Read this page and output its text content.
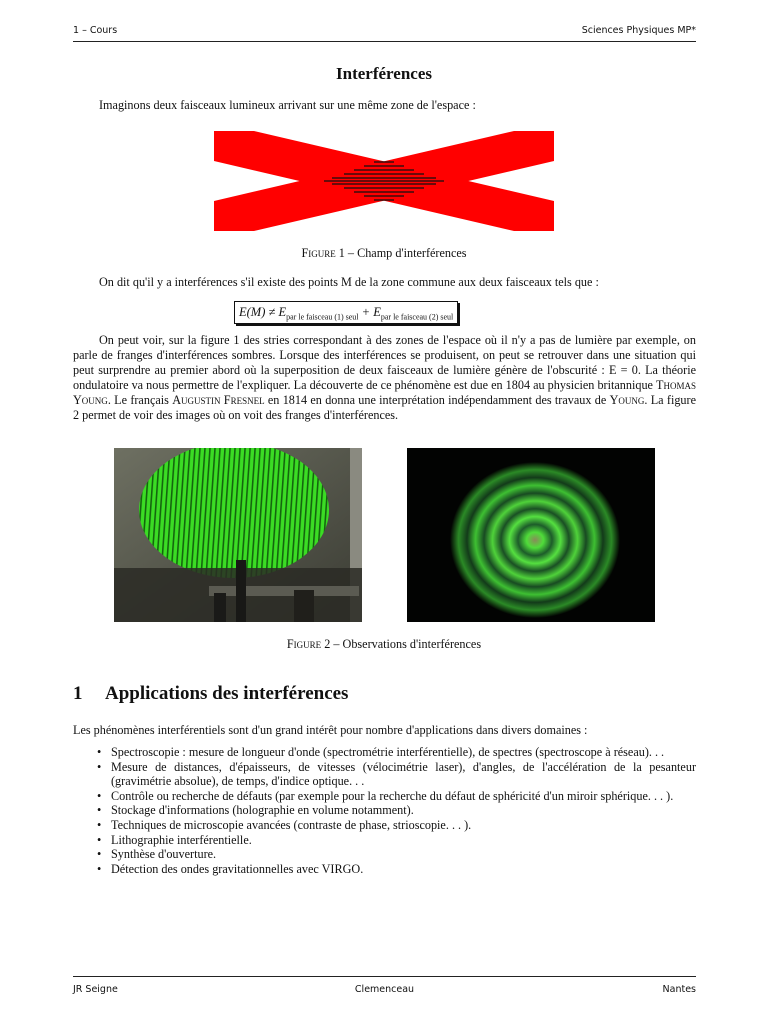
1 – Cours	Sciences Physiques MP*
Interférences
Imaginons deux faisceaux lumineux arrivant sur une même zone de l'espace :
Figure 1 – Champ d'interférences
On dit qu'il y a interférences s'il existe des points M de la zone commune aux deux faisceaux tels que :
$E(M) \ne E_{par le faisceau (1) seul} + E_{par le faisceau (2) seul}$
On peut voir, sur la figure 1 des stries correspondant à des zones de l'espace où il n'y a pas de lumière par exemple, on parle de franges d'interférences sombres. Lorsque des interférences se produisent, on peut se retrouver dans une situation qui peut surprendre au premier abord où la superposition de deux faisceaux de lumière génère de l'obscurité : E = 0. La théorie ondulatoire va nous permettre de l'expliquer. La découverte de ce phénomène est due en 1804 au physicien britannique Thomas Young. Le français Augustin Fresnel en 1814 en donna une interprétation indépendamment des travaux de Young. La figure 2 permet de voir des images où on voit des franges d'interférences.
Figure 2 – Observations d'interférences
1 Applications des interférences
Les phénomènes interférentiels sont d'un grand intérêt pour nombre d'applications dans divers domaines :
• Spectroscopie : mesure de longueur d'onde (spectrométrie interférentielle), de spectres (spectroscope à réseau). . .
• Mesure de distances, d'épaisseurs, de vitesses (vélocimétrie laser), d'angles, de l'accélération de la pesanteur (gravimétrie absolue), de temps, d'indice optique. . .
• Contrôle ou recherche de défauts (par exemple pour la recherche du défaut de sphéricité d'un miroir sphérique. . . ).
• Stockage d'informations (holographie en volume notamment).
• Techniques de microscopie avancées (contraste de phase, strioscopie. . . ).
• Lithographie interférentielle.
• Synthèse d'ouverture.
• Détection des ondes gravitationnelles avec VIRGO.
JR Seigne	Clemenceau	Nantes
